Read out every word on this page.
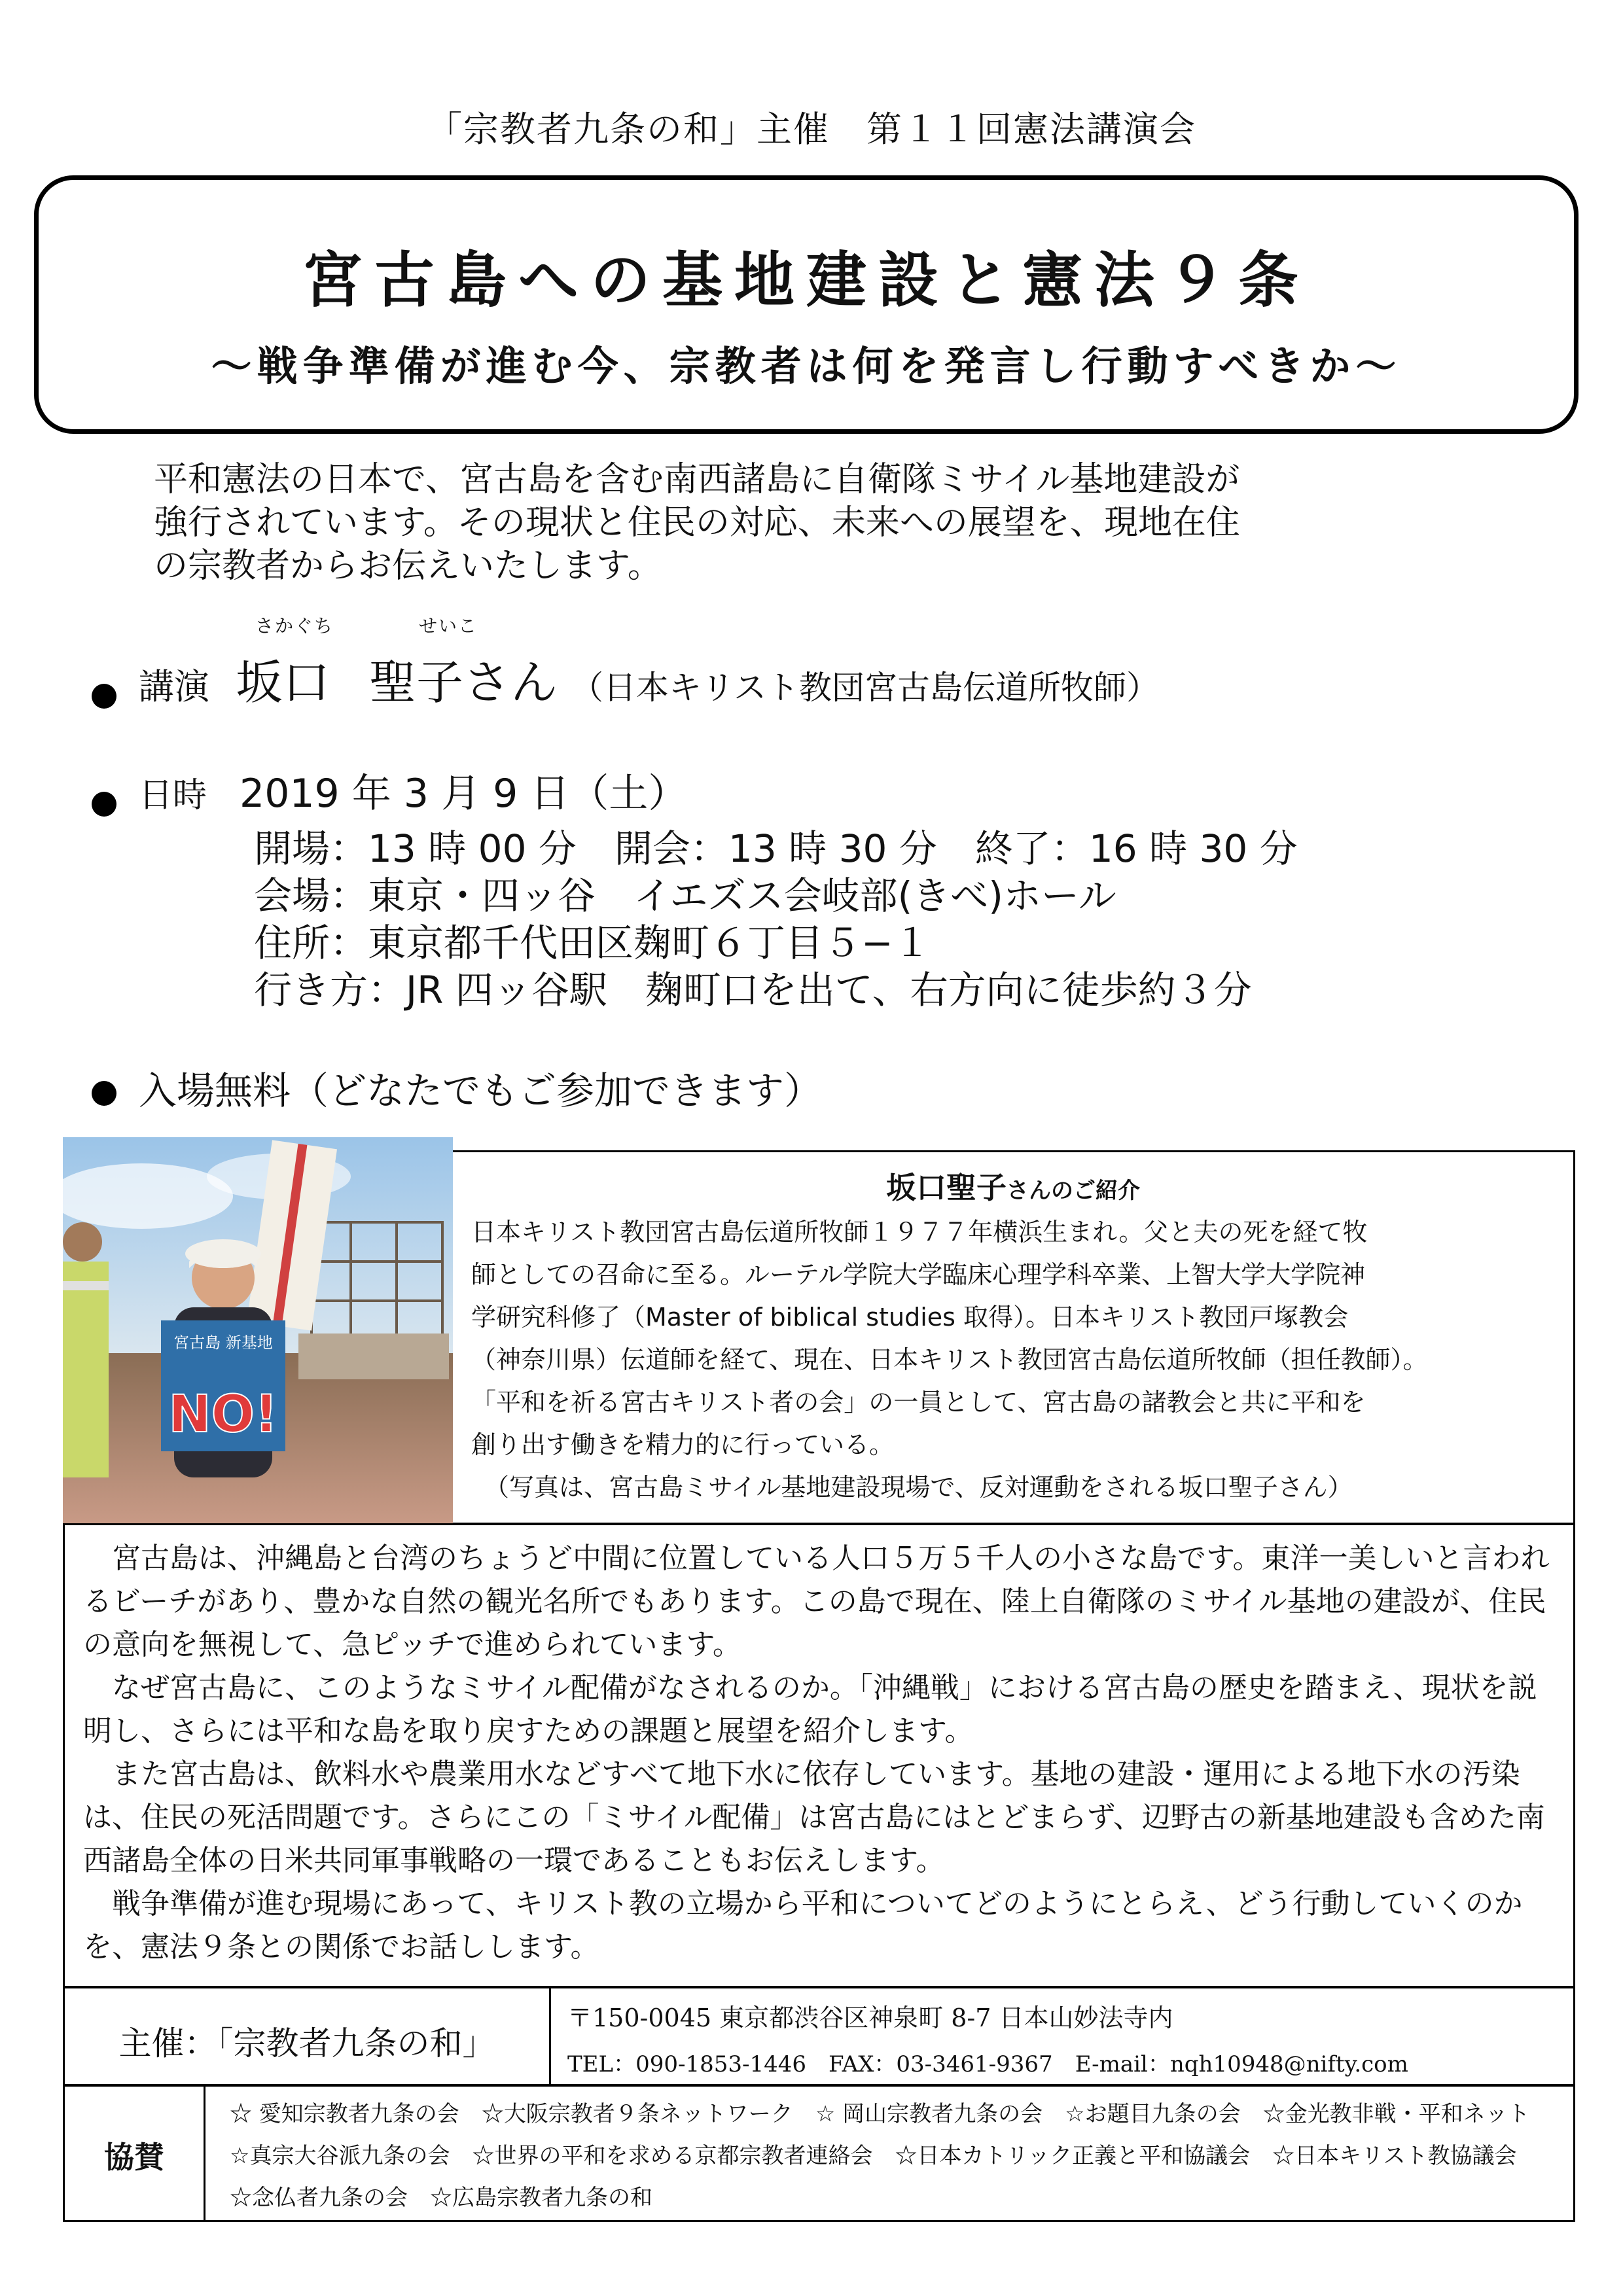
「宗教者九条の和」主催　第１１回憲法講演会
宮古島への基地建設と憲法９条
～戦争準備が進む今、宗教者は何を発言し行動すべきか～

平和憲法の日本で、宮古島を含む南西諸島に自衛隊ミサイル基地建設が

強行されています。その現状と住民の対応、未来への展望を、現地在住

の宗教者からお伝えいたします。

さかぐち	せいこ
講演 坂口 聖子さん （日本キリスト教団宮古島伝道所牧師）
日時 2019 年 3 月 9 日（土）
開場：13 時 00 分　開会：13 時 30 分　終了：16 時 30 分
会場：東京・四ッ谷　イエズス会岐部(きべ)ホール
住所：東京都千代田区麹町６丁目５−１
行き方：JR 四ッ谷駅　麹町口を出て、右方向に徒歩約３分
入場無料（どなたでもご参加できます）
宮古島 新基地
NO!
坂口聖子さんのご紹介

日本キリスト教団宮古島伝道所牧師１９７７年横浜生まれ。父と夫の死を経て牧

師としての召命に至る。ルーテル学院大学臨床心理学科卒業、上智大学大学院神

学研究科修了（Master of biblical studies 取得）。日本キリスト教団戸塚教会

（神奈川県）伝道師を経て、現在、日本キリスト教団宮古島伝道所牧師（担任教師）。

「平和を祈る宮古キリスト者の会」の一員として、宮古島の諸教会と共に平和を

創り出す働きを精力的に行っている。

（写真は、宮古島ミサイル基地建設現場で、反対運動をされる坂口聖子さん）

宮古島は、沖縄島と台湾のちょうど中間に位置している人口５万５千人の小さな島です。東洋一美しいと言われるビーチがあり、豊かな自然の観光名所でもあります。この島で現在、陸上自衛隊のミサイル基地の建設が、住民の意向を無視して、急ピッチで進められています。

なぜ宮古島に、このようなミサイル配備がなされるのか。「沖縄戦」における宮古島の歴史を踏まえ、現状を説明し、さらには平和な島を取り戻すための課題と展望を紹介します。

また宮古島は、飲料水や農業用水などすべて地下水に依存しています。基地の建設・運用による地下水の汚染は、住民の死活問題です。さらにこの「ミサイル配備」は宮古島にはとどまらず、辺野古の新基地建設も含めた南西諸島全体の日米共同軍事戦略の一環であることもお伝えします。

戦争準備が進む現場にあって、キリスト教の立場から平和についてどのようにとらえ、どう行動していくのかを、憲法９条との関係でお話しします。

主催：「宗教者九条の和」
〒150-0045 東京都渋谷区神泉町 8-7 日本山妙法寺内
TEL：090-1853-1446　FAX：03-3461-9367　E-mail：nqh10948@nifty.com
協賛
☆ 愛知宗教者九条の会 ☆大阪宗教者９条ネットワーク ☆ 岡山宗教者九条の会 ☆お題目九条の会 ☆金光教非戦・平和ネット☆真宗大谷派九条の会 ☆世界の平和を求める京都宗教者連絡会 ☆日本カトリック正義と平和協議会 ☆日本キリスト教協議会☆念仏者九条の会 ☆広島宗教者九条の和
